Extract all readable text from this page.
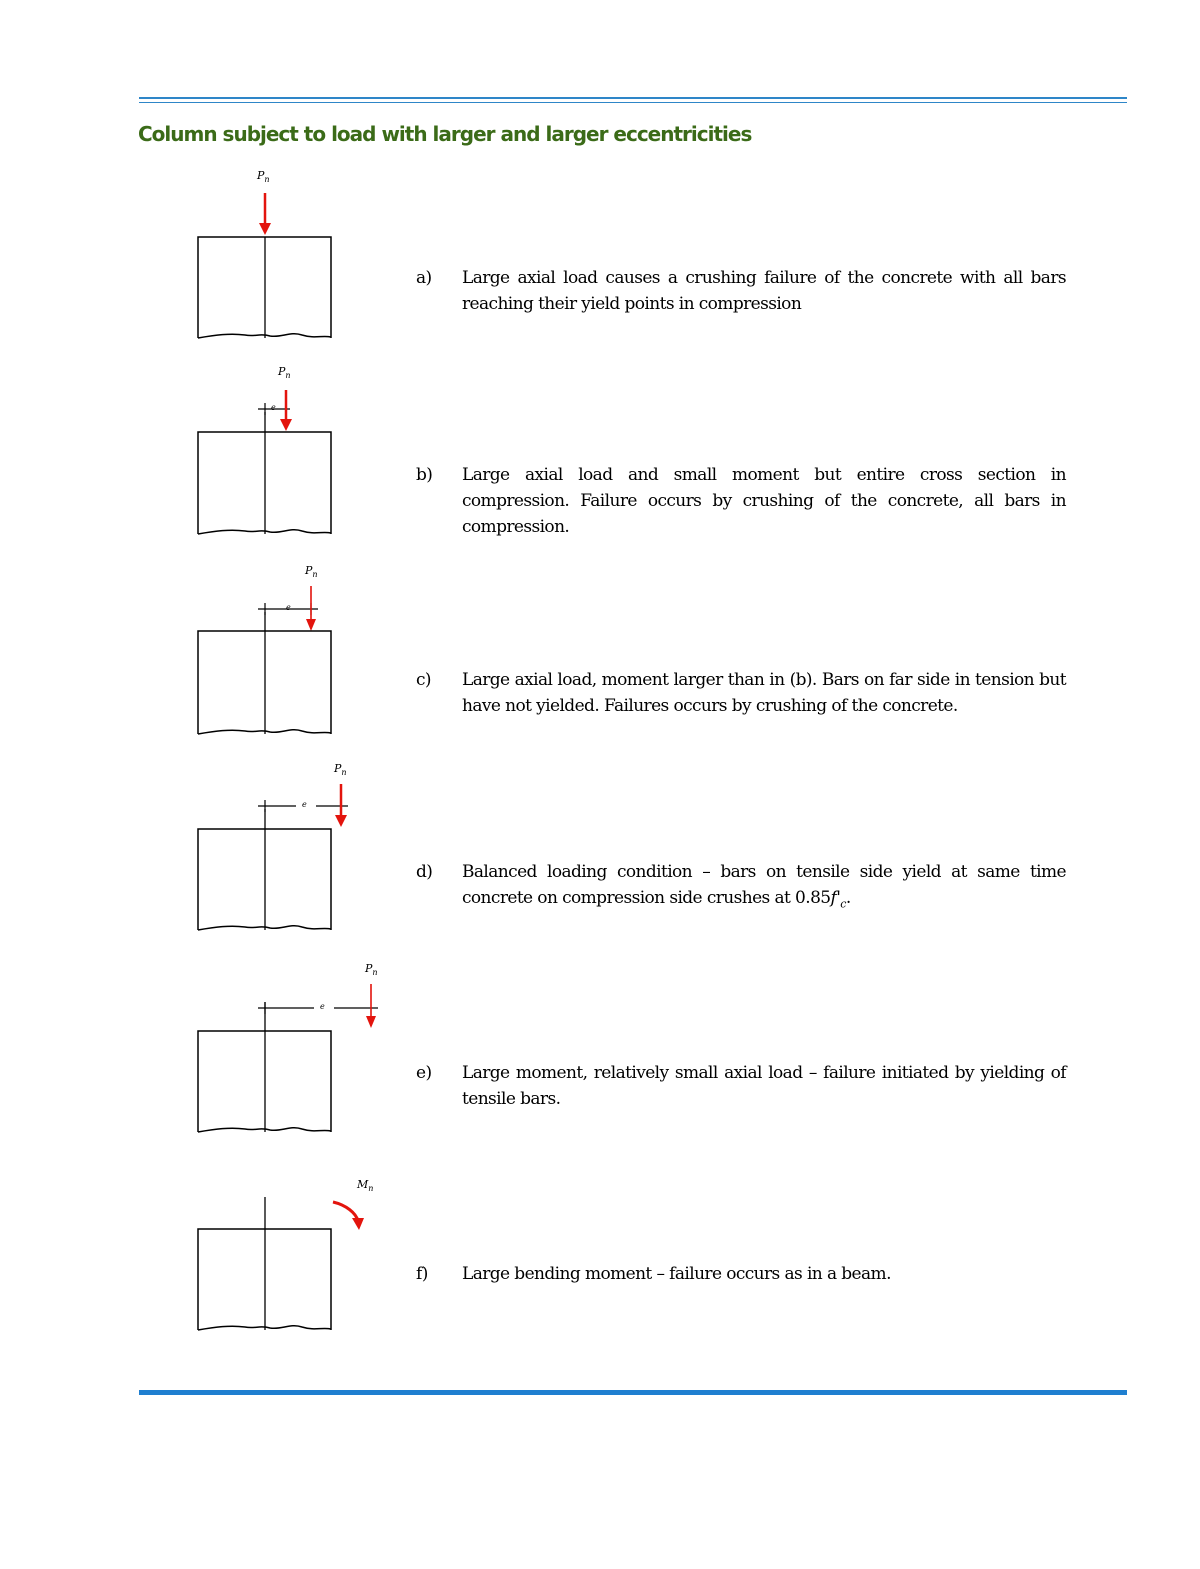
Column subject to load with larger and larger eccentricities
$P_n$
$P_n$
e
$P_n$
e
$P_n$
e
$P_n$
e
$M_n$
a) Large axial load causes a crushing failure of the concrete with all bars reaching their yield points in compression
b) Large axial load and small moment but entire cross section in compression. Failure occurs by crushing of the concrete, all bars in compression.
c) Large axial load, moment larger than in (b). Bars on far side in tension but have not yielded. Failures occurs by crushing of the concrete.
d) Balanced loading condition – bars on tensile side yield at same time concrete on compression side crushes at $0.85f'_c$.
e) Large moment, relatively small axial load – failure initiated by yielding of tensile bars.
f) Large bending moment – failure occurs as in a beam.
